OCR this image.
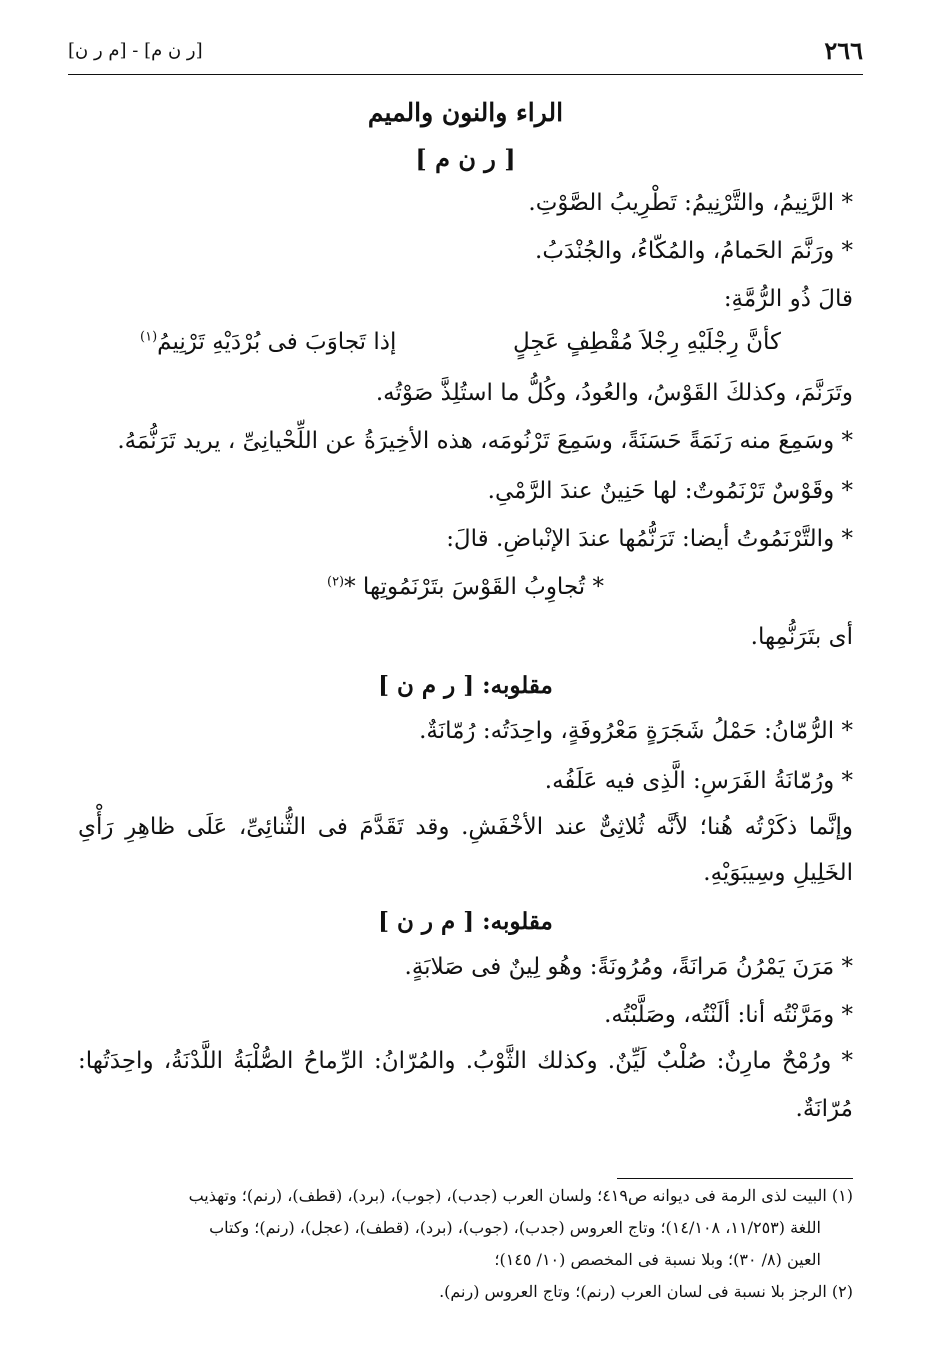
٢٦٦
[ر ن م] - [م ر ن]
الراء والنون والميم
[ ر ن م ]
* الرَّنِيمُ، والتَّرْنِيمُ: تَطْرِيبُ الصَّوْتِ.
* ورَنَّمَ الحَمامُ، والمُكّاءُ، والجُنْدَبُ.
قالَ ذُو الرُّمَّةِ:
كأنَّ رِجْلَيْهِ رِجْلاَ مُقْطِفٍ عَجِلٍ
إذا تَجاوَبَ فى بُرْدَيْهِ تَرْنِيمُ$^{(١)}$
وتَرَنَّمَ، وكذلكَ القَوْسُ، والعُودُ، وكُلُّ ما استُلِذَّ صَوْتُه.
* وسَمِعَ منه رَنَمَةً حَسَنَةً، وسَمِعَ تَرْنُومَه، هذه الأخِيرَةُ عن اللِّحْيانِىِّ ، يريد تَرَنُّمَهُ.
* وقَوْسٌ تَرْنَمُوتٌ: لها حَنِينٌ عندَ الرَّمْىِ.
* والتَّرْنَمُوتُ أيضا: تَرَنُّمُها عندَ الإنْباضِ. قالَ:
* تُجاوِبُ القَوْسَ بتَرْنَمُوتِها *$^{(٢)}$
أى بتَرَنُّمِها.
مقلوبه: [ ر م ن ]
* الرُّمّانُ: حَمْلُ شَجَرَةٍ مَعْرُوفَةٍ، واحِدَتُه: رُمّانَةٌ.
* ورُمّانَةُ الفَرَسِ: الَّذِى فيه عَلَفُه.
وإنَّما ذكَرْتُه هُنا؛ لأنَّه ثُلاثِىٌّ عند الأخْفَشِ. وقد تَقَدَّمَ فى الثُّنائِىِّ، عَلَى ظاهِرِ رَأْىِ
الخَلِيلِ وسِيبَوَيْهِ.
مقلوبه: [ م ر ن ]
* مَرَنَ يَمْرُنُ مَرانَةً، ومُرُونَةً: وهُو لِينٌ فى صَلابَةٍ.
* ومَرَّنْتُه أنا: ألَنْتُه، وصَلَّبْتُه.
* ورُمْحٌ مارِنٌ: صُلْبٌ لَيِّنٌ. وكذلك الثَّوْبُ. والمُرّانُ: الرِّماحُ الصُّلْبَةُ اللَّدْنَةُ، واحِدَتُها:
مُرّانَةٌ.
(١) البيت لذى الرمة فى ديوانه ص٤١٩؛ ولسان العرب (جدب)، (جوب)، (برد)، (قطف)، (رنم)؛ وتهذيب
اللغة (١١/٢٥٣، ١٤/١٠٨)؛ وتاج العروس (جدب)، (جوب)، (برد)، (قطف)، (عجل)، (رنم)؛ وكتاب
العين (٨/ ٣٠)؛ وبلا نسبة فى المخصص (١٠/ ١٤٥)؛
(٢) الرجز بلا نسبة فى لسان العرب (رنم)؛ وتاج العروس (رنم).
